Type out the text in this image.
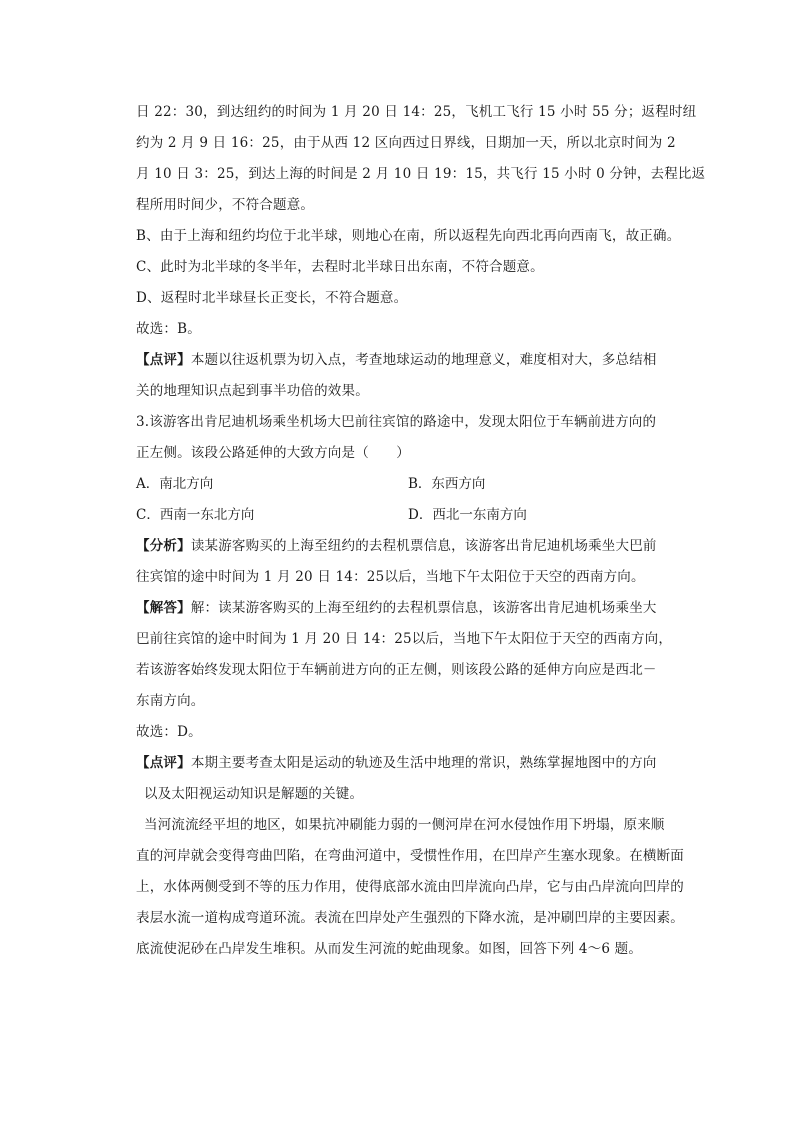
日 22：30，到达纽约的时间为 1 月 20 日 14：25，飞机工飞行 15 小时 55 分；返程时纽
约为 2 月 9 日 16：25，由于从西 12 区向西过日界线，日期加一天，所以北京时间为 2
月 10 日 3：25，到达上海的时间是 2 月 10 日 19：15，共飞行 15 小时 0 分钟，去程比返
程所用时间少，不符合题意。
B、由于上海和纽约均位于北半球，则地心在南，所以返程先向西北再向西南飞，故正确。
C、此时为北半球的冬半年，去程时北半球日出东南，不符合题意。
D、返程时北半球昼长正变长，不符合题意。
故选：B。
【点评】本题以往返机票为切入点，考查地球运动的地理意义，难度相对大，多总结相
关的地理知识点起到事半功倍的效果。
3.该游客出肯尼迪机场乘坐机场大巴前往宾馆的路途中，发现太阳位于车辆前进方向的
正左侧。该段公路延伸的大致方向是（　　）
A．南北方向	B．东西方向
C．西南一东北方向	D．西北一东南方向
【分析】读某游客购买的上海至纽约的去程机票信息，该游客出肯尼迪机场乘坐大巴前
往宾馆的途中时间为 1 月 20 日 14：25以后，当地下午太阳位于天空的西南方向。
【解答】解：读某游客购买的上海至纽约的去程机票信息，该游客出肯尼迪机场乘坐大
巴前往宾馆的途中时间为 1 月 20 日 14：25以后，当地下午太阳位于天空的西南方向，
若该游客始终发现太阳位于车辆前进方向的正左侧，则该段公路的延伸方向应是西北－
东南方向。
故选：D。
【点评】本期主要考查太阳是运动的轨迹及生活中地理的常识，熟练掌握地图中的方向
以及太阳视运动知识是解题的关键。
当河流流经平坦的地区，如果抗冲刷能力弱的一侧河岸在河水侵蚀作用下坍塌，原来顺
直的河岸就会变得弯曲凹陷，在弯曲河道中，受惯性作用，在凹岸产生塞水现象。在横断面
上，水体两侧受到不等的压力作用，使得底部水流由凹岸流向凸岸，它与由凸岸流向凹岸的
表层水流一道构成弯道环流。表流在凹岸处产生强烈的下降水流，是冲刷凹岸的主要因素。
底流使泥砂在凸岸发生堆积。从而发生河流的蛇曲现象。如图，回答下列 4～6 题。
